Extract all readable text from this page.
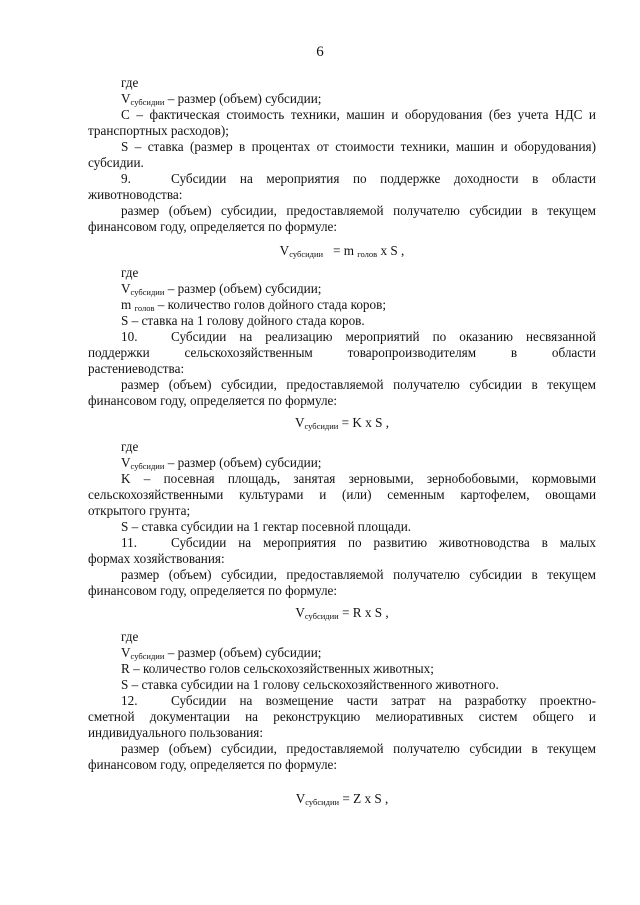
6
где
$V_{субсидии}$ – размер (объем) субсидии;
С – фактическая стоимость техники, машин и оборудования (без учета НДС и
транспортных расходов);
S – ставка (размер в процентах от стоимости техники, машин и оборудования)
субсидии.
9.	Субсидии на мероприятия по поддержке доходности в области
животноводства:
размер (объем) субсидии, предоставляемой получателю субсидии в текущем
финансовом году, определяется по формуле:
$V_{субсидии} = m$ $_{голов}$ x S ,
где
$V_{субсидии}$ – размер (объем) субсидии;
m $_{голов}$ – количество голов дойного стада коров;
S – ставка на 1 голову дойного стада коров.
10.	Субсидии на реализацию мероприятий по оказанию несвязанной
поддержки	сельскохозяйственным	товаропроизводителям	в	области
растениеводства:
размер (объем) субсидии, предоставляемой получателю субсидии в текущем
финансовом году, определяется по формуле:
$V_{субсидии} = K$ x S ,
где
$V_{субсидии}$ – размер (объем) субсидии;
K – посевная площадь, занятая зерновыми, зернобобовыми, кормовыми
сельскохозяйственными культурами и (или) семенным картофелем, овощами
открытого грунта;
S – ставка субсидии на 1 гектар посевной площади.
11.	Субсидии на мероприятия по развитию животноводства в малых
формах хозяйствования:
размер (объем) субсидии, предоставляемой получателю субсидии в текущем
финансовом году, определяется по формуле:
$V_{субсидии} = R$ x S ,
где
$V_{субсидии}$ – размер (объем) субсидии;
R – количество голов сельскохозяйственных животных;
S – ставка субсидии на 1 голову сельскохозяйственного животного.
12.	Субсидии на возмещение части затрат на разработку проектно-
сметной документации на реконструкцию мелиоративных систем общего и
индивидуального пользования:
размер (объем) субсидии, предоставляемой получателю субсидии в текущем
финансовом году, определяется по формуле:
$V_{субсидии} = Z$ x S ,
